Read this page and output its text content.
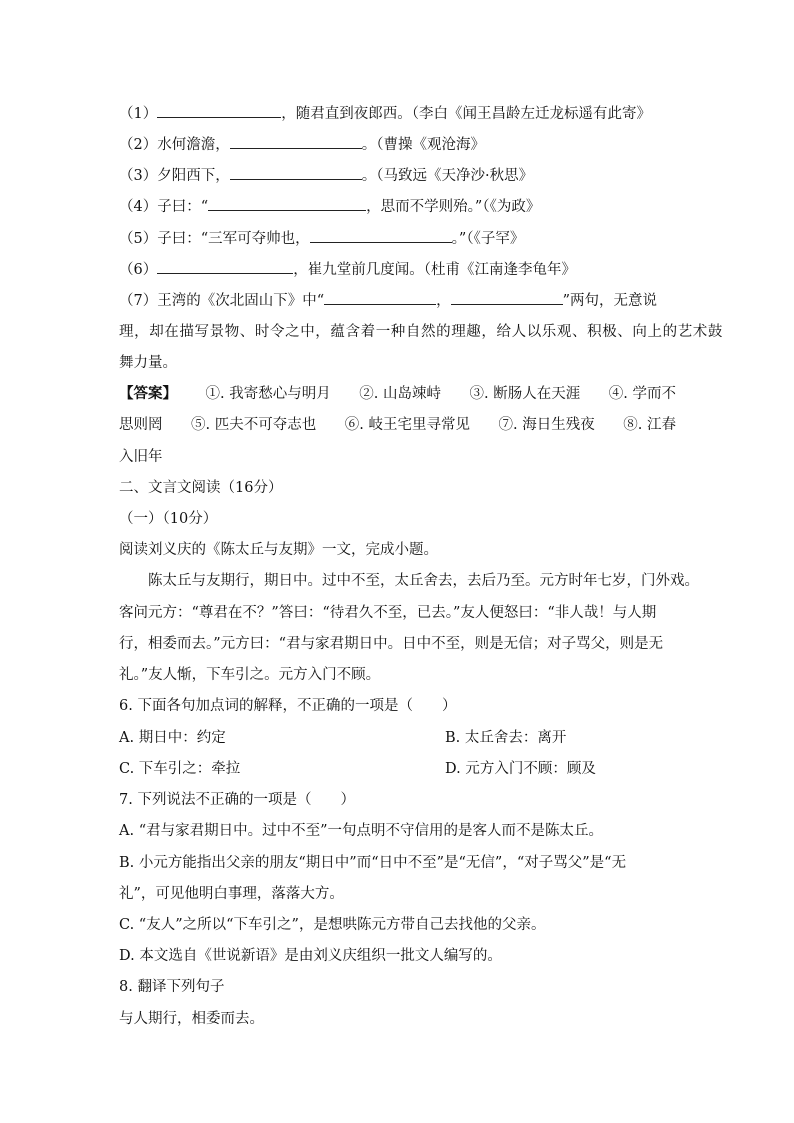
（1）	，随君直到夜郎西。（李白《闻王昌龄左迁龙标遥有此寄》
（2）水何澹澹，	。（曹操《观沧海》
（3）夕阳西下，	。（马致远《天净沙·秋思》
（4）子曰：“	，思而不学则殆。”（《为政》
（5）子曰：“三军可夺帅也，	。”（《子罕》
（6）	，崔九堂前几度闻。（杜甫《江南逢李龟年》
（7）王湾的《次北固山下》中“	，	”两句，无意说
理，却在描写景物、时令之中，蕴含着一种自然的理趣，给人以乐观、积极、向上的艺术鼓
舞力量。
【答案】 ①. 我寄愁心与明月 ②. 山岛竦峙 ③. 断肠人在天涯 ④. 学而不
思则罔 ⑤. 匹夫不可夺志也 ⑥. 岐王宅里寻常见 ⑦. 海日生残夜 ⑧. 江春
入旧年
二、文言文阅读（16分）
（一）（10分）
阅读刘义庆的《陈太丘与友期》一文，完成小题。
陈太丘与友期行，期日中。过中不至，太丘舍去，去后乃至。元方时年七岁，门外戏。
客问元方：“尊君在不？”答曰：“待君久不至，已去。”友人便怒曰：“非人哉！与人期
行，相委而去。”元方曰：“君与家君期日中。日中不至，则是无信；对子骂父，则是无
礼。”友人惭，下车引之。元方入门不顾。
6. 下面各句加点词的解释，不正确的一项是（　　）
A. 期日中：约定	B. 太丘舍去：离开
C. 下车引之：牵拉	D. 元方入门不顾：顾及
7. 下列说法不正确的一项是（　　）
A. “君与家君期日中。过中不至”一句点明不守信用的是客人而不是陈太丘。
B. 小元方能指出父亲的朋友“期日中”而“日中不至”是“无信”，“对子骂父”是“无
礼”，可见他明白事理，落落大方。
C. “友人”之所以“下车引之”，是想哄陈元方带自己去找他的父亲。
D. 本文选自《世说新语》是由刘义庆组织一批文人编写的。
8. 翻译下列句子
与人期行，相委而去。
